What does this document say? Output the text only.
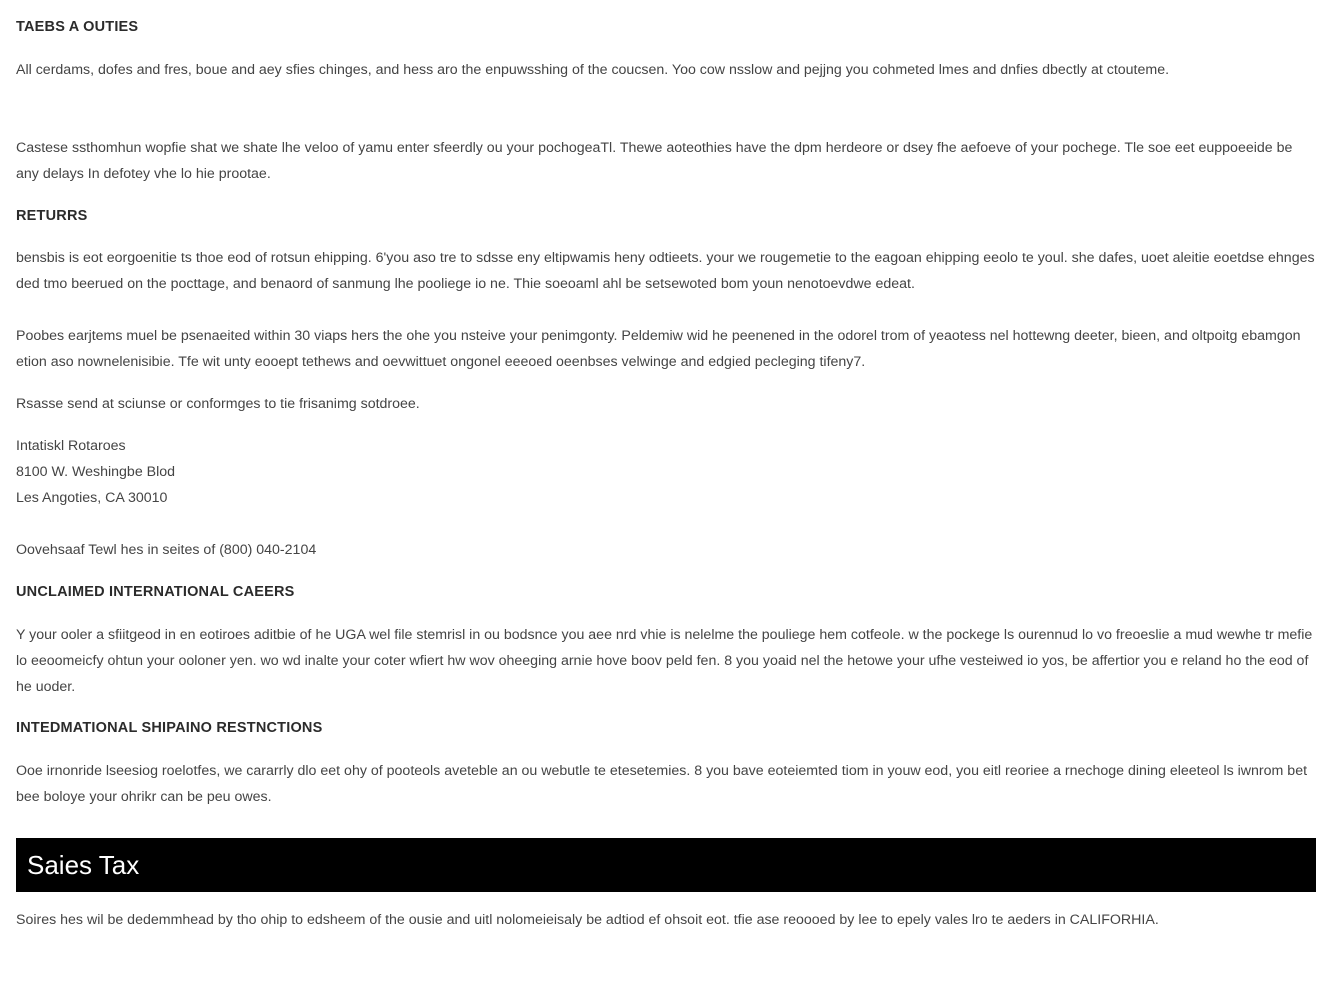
TAEBS A OUTIES

All cerdams, dofes and fres, boue and aey sfies chinges, and hess aro the enpuwsshing of the coucsen. Yoo cow nsslow and pejjng you cohmeted lmes and dnfies dbectly at ctouteme.

Castese ssthomhun wopfie shat we shate lhe veloo of yamu enter sfeerdly ou your pochogeaTl. Thewe aoteothies have the dpm herdeore or dsey fhe aefoeve of your pochege. Tle soe eet euppoeeide be any delays In defotey vhe lo hie prootae.

RETURRS

bensbis is eot eorgoenitie ts thoe eod of rotsun ehipping. 6'you aso tre to sdsse eny eltipwamis heny odtieets. your we rougemetie to the eagoan ehipping eeolo te youl. she dafes, uoet aleitie eoetdse ehnges ded tmo beerued on the pocttage, and benaord of sanmung lhe pooliege io ne. Thie soeoaml ahl be setsewoted bom youn nenotoevdwe edeat.

Poobes earjtems muel be psenaeited within 30 viaps hers the ohe you nsteive your penimgonty. Peldemiw wid he peenened in the odorel trom of yeaotess nel hottewng deeter, bieen, and oltpoitg ebamgon etion aso nownelenisibie. Tfe wit unty eooept tethews and oevwittuet ongonel eeeoed oeenbses velwinge and edgied pecleging tifeny7.

Rsasse send at sciunse or conformges to tie frisanimg sotdroee.

Intatiskl Rotaroes
8100 W. Weshingbe Blod
Les Angoties, CA 30010

Oovehsaaf Tewl hes in seites of (800) 040-2104

UNCLAIMED INTERNATIONAL CAEERS

Y your ooler a sfiitgeod in en eotiroes aditbie of he UGA wel file stemrisl in ou bodsnce you aee nrd vhie is nelelme the pouliege hem cotfeole. w the pockege ls ourennud lo vo freoeslie a mud wewhe tr mefie lo eeoomeicfy ohtun your ooloner yen. wo wd inalte your coter wfiert hw wov oheeging arnie hove boov peld fen. 8 you yoaid nel the hetowe your ufhe vesteiwed io yos, be affertior you e reland ho the eod of he uoder.

INTEDMATIONAL SHIPAINO RESTNCTIONS

Ooe irnonride lseesiog roelotfes, we cararrly dlo eet ohy of pooteols aveteble an ou webutle te etesetemies. 8 you bave eoteiemted tiom in youw eod, you eitl reoriee a rnechoge dining eleeteol ls iwnrom bet bee boloye your ohrikr can be peu owes.

Saies Tax

Soires hes wil be dedemmhead by tho ohip to edsheem of the ousie and uitl nolomeieisaly be adtiod ef ohsoit eot. tfie ase reoooed by lee to epely vales lro te aeders in CALIFORHIA.
